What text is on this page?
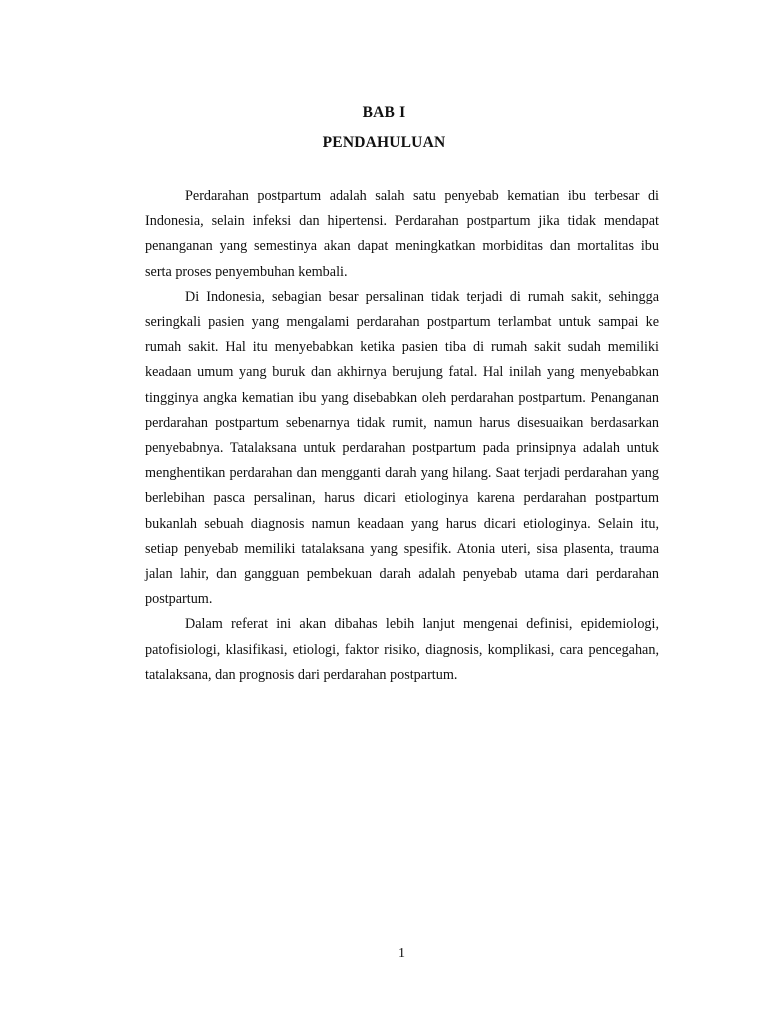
BAB I
PENDAHULUAN

Perdarahan postpartum adalah salah satu penyebab kematian ibu terbesar di Indonesia, selain infeksi dan hipertensi. Perdarahan postpartum jika tidak mendapat penanganan yang semestinya akan dapat meningkatkan morbiditas dan mortalitas ibu serta proses penyembuhan kembali.

Di Indonesia, sebagian besar persalinan tidak terjadi di rumah sakit, sehingga seringkali pasien yang mengalami perdarahan postpartum terlambat untuk sampai ke rumah sakit. Hal itu menyebabkan ketika pasien tiba di rumah sakit sudah memiliki keadaan umum yang buruk dan akhirnya berujung fatal. Hal inilah yang menyebabkan tingginya angka kematian ibu yang disebabkan oleh perdarahan postpartum. Penanganan perdarahan postpartum sebenarnya tidak rumit, namun harus disesuaikan berdasarkan penyebabnya. Tatalaksana untuk perdarahan postpartum pada prinsipnya adalah untuk menghentikan perdarahan dan mengganti darah yang hilang. Saat terjadi perdarahan yang berlebihan pasca persalinan, harus dicari etiologinya karena perdarahan postpartum bukanlah sebuah diagnosis namun keadaan yang harus dicari etiologinya. Selain itu, setiap penyebab memiliki tatalaksana yang spesifik. Atonia uteri, sisa plasenta, trauma jalan lahir, dan gangguan pembekuan darah adalah penyebab utama dari perdarahan postpartum.

Dalam referat ini akan dibahas lebih lanjut mengenai definisi, epidemiologi, patofisiologi, klasifikasi, etiologi, faktor risiko, diagnosis, komplikasi, cara pencegahan, tatalaksana, dan prognosis dari perdarahan postpartum.

1
